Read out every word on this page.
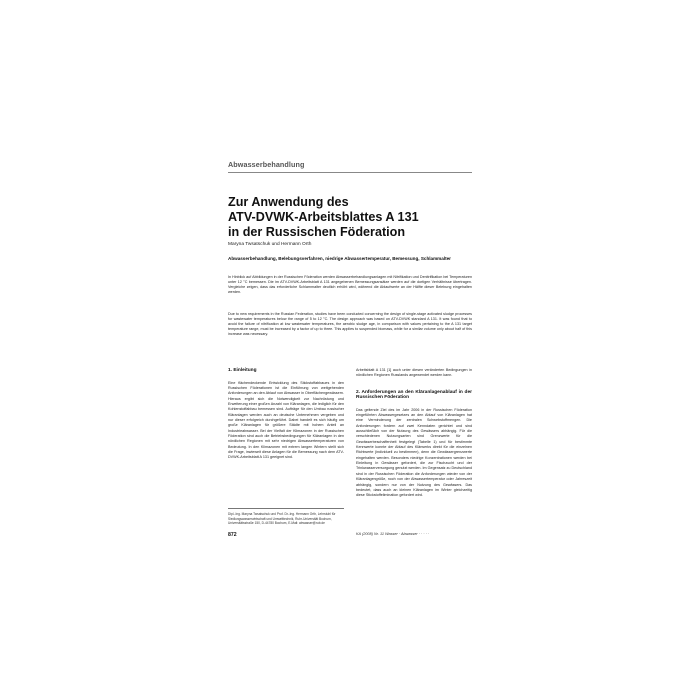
Abwasserbehandlung
Zur Anwendung des
ATV-DVWK-Arbeitsblattes A 131
in der Russischen Föderation
Maryna Twsatschuk und Hermann Orth
Abwasserbehandlung, Belebungsverfahren, niedrige Abwassertemperatur, Bemessung, Schlammalter
In Hinblick auf Abbildungen in der Russischen Föderation werden Abwasserbehandlungsanlagen mit Nitrifikation und Denitrifikation bei Temperaturen unter 12 °C bemessen. Die im ATV-DVWK-Arbeitsblatt A 131 angegebenen Bemessungsansätze werden auf die dortigen Verhältnisse übertragen. Vergleiche zeigen, dass das erforderliche Schlammalter deutlich erhöht wird, während die Ablaufwerte an der Hälfte dieser Belebung eingehalten werden.
Due to new requirements in the Russian Federation, studies have been conducted concerning the design of single-stage activated sludge processes for wastewater temperatures below the range of 5 to 12 °C. The design approach was based on ATV-DVWK standard A 131. It was found that to avoid the failure of nitrification at low wastewater temperatures, the aerobic sludge age, in comparison with values pertaining to the A 131 target temperature range, must be increased by a factor of up to three. This applies to suspended biomass, while for a similar volume only about half of this increase was necessary.
1. Einleitung

Eine flächendeckende Entwicklung des Stickstoffabbaues in den Russischen Föderationen ist die Einführung von weitgehenden Anforderungen an den Ablauf von Abwasser in Oberflächengewässern. Hieraus ergibt sich die Notwendigkeit zur Nachrüstung und Erweiterung einer großen Anzahl von Kläranlagen, die lediglich für den Kohlenstoffabbau bemessen sind. Aufträge für den Umbau russischer Kläranlagen werden auch an deutsche Unternehmen vergeben und nur dieser erfolgreich durchgeführt. Dabei handelt es sich häufig um große Kläranlagen für größere Städte mit hohem Anteil an Industrieabwasser. Bei der Vielfalt der Klimazonen in der Russischen Föderation sind auch die Betriebsbedingungen für Kläranlagen in den nördlichen Regionen mit sehr niedrigen Abwassertemperaturen von Bedeutung. In den Klimazonen mit extrem langen Wintern stellt sich die Frage, inwieweit diese Anlagen für die Bemessung nach dem ATV-DVWK-Arbeitsblatt A 131 geeignet sind.

Arbeitsblatt A 131 [1] auch unter diesen veränderten Bedingungen in nördlichen Regionen Russlands angewendet werden kann.

2. Anforderungen an den Kläranlagenablauf in der Russischen Föderation

Das geltende Ziel des im Jahr 2006 in der Russischen Föderation eingeführten Abwassergesetzes an den Ablauf von Kläranlagen hat eine Verminderung der zentralen Schwebstoffmengen. Die Anforderungen fordern auf zwei Kenndaten gerichtet und sind ausschließlich von der Nutzung des Gewässers abhängig. Für die verschiedenen Nutzungsarten sind Grenzwerte für die Gewässerbeschaffenheit festgelegt (Tabelle 1) und für bestimmte Kennwerte konnte der Ablauf des Klärwerks direkt für die einzelnen Richtwerte (individuell zu bestimmen), denn die Gewässergrenzwerte eingehalten werden. Besonders niedrige Konzentrationen werden bei Einleitung in Gewässer gefordert, die zur Fischzucht und der Trinkwasserversorgung genutzt werden. Im Gegensatz zu Deutschland sind in der Russischen Föderation die Anforderungen wieder von der Kläranlagengröße, noch von der Abwassertemperatur oder Jahreszeit abhängig, sondern nur von der Nutzung des Gewässers. Das bedeutet, dass auch an kleinen Kläranlagen im Winter gleichzeitig diese Stickstoffelimination gefordert wird.

Dipl.-Ing. Maryna Twsatschuk und Prof. Dr.-Ing. Hermann Orth, Lehrstuhl für Siedlungswasserwirtschaft und Umwelttechnik, Ruhr-Universität Bochum, Universitätsstraße 150, D-44780 Bochum, E-Mail: abwasser@rub.de
872	KA (2008) Nr. 11 Wasser · Abwasser · · · · ·
